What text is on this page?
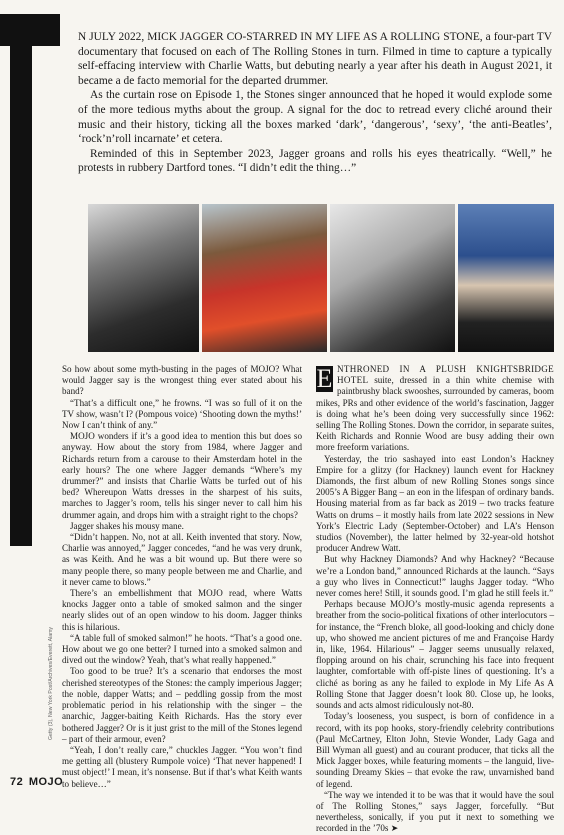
N JULY 2022, MICK JAGGER CO-STARRED IN MY LIFE AS A ROLLING STONE, a four-part TV documentary that focused on each of The Rolling Stones in turn. Filmed in time to capture a typically self-effacing interview with Charlie Watts, but debuting nearly a year after his death in August 2021, it became a de facto memorial for the departed drummer.

As the curtain rose on Episode 1, the Stones singer announced that he hoped it would explode some of the more tedious myths about the group. A signal for the doc to retread every cliché around their music and their history, ticking all the boxes marked ‘dark’, ‘dangerous’, ‘sexy’, ‘the anti-Beatles’, ‘rock’n’roll incarnate’ et cetera.

Reminded of this in September 2023, Jagger groans and rolls his eyes theatrically. “Well,” he protests in rubbery Dartford tones. “I didn’t edit the thing…”

Getty (3), New York Post/Archives/Everett, Alamy

So how about some myth-busting in the pages of MOJO? What would Jagger say is the wrongest thing ever stated about his band?

“That’s a difficult one,” he frowns. “I was so full of it on the TV show, wasn’t I? (Pompous voice) ‘Shooting down the myths!’ Now I can’t think of any.”

MOJO wonders if it’s a good idea to mention this but does so anyway. How about the story from 1984, where Jagger and Richards return from a carouse to their Amsterdam hotel in the early hours? The one where Jagger demands “Where’s my drummer?” and insists that Charlie Watts be turfed out of his bed? Whereupon Watts dresses in the sharpest of his suits, marches to Jagger’s room, tells his singer never to call him his drummer again, and drops him with a straight right to the chops?

Jagger shakes his mousy mane.

“Didn’t happen. No, not at all. Keith invented that story. Now, Charlie was annoyed,” Jagger concedes, “and he was very drunk, as was Keith. And he was a bit wound up. But there were so many people there, so many people between me and Charlie, and it never came to blows.”

There’s an embellishment that MOJO read, where Watts knocks Jagger onto a table of smoked salmon and the singer nearly slides out of an open window to his doom. Jagger thinks this is hilarious.

“A table full of smoked salmon!” he hoots. “That’s a good one. How about we go one better? I turned into a smoked salmon and dived out the window? Yeah, that’s what really happened.”

Too good to be true? It’s a scenario that endorses the most cherished stereotypes of the Stones: the camply imperious Jagger; the noble, dapper Watts; and – peddling gossip from the most problematic period in his relationship with the singer – the anarchic, Jagger-baiting Keith Richards. Has the story ever bothered Jagger? Or is it just grist to the mill of the Stones legend – part of their armour, even?

“Yeah, I don’t really care,” chuckles Jagger. “You won’t find me getting all (blustery Rumpole voice) ‘That never happened! I must object!’ I mean, it’s nonsense. But if that’s what Keith wants to believe…”

E NTHRONED IN A PLUSH KNIGHTSBRIDGE HOTEL suite, dressed in a thin white chemise with paintbrushy black swooshes, surrounded by cameras, boom mikes, PRs and other evidence of the world’s fascination, Jagger is doing what he’s been doing very successfully since 1962: selling The Rolling Stones. Down the corridor, in separate suites, Keith Richards and Ronnie Wood are busy adding their own more freeform variations.

Yesterday, the trio sashayed into east London’s Hackney Empire for a glitzy (for Hackney) launch event for Hackney Diamonds, the first album of new Rolling Stones songs since 2005’s A Bigger Bang – an eon in the lifespan of ordinary bands. Housing material from as far back as 2019 – two tracks feature Watts on drums – it mostly hails from late 2022 sessions in New York’s Electric Lady (September-October) and LA’s Henson studios (November), the latter helmed by 32-year-old hotshot producer Andrew Watt.

But why Hackney Diamonds? And why Hackney? “Because we’re a London band,” announced Richards at the launch. “Says a guy who lives in Connecticut!” laughs Jagger today. “Who never comes here! Still, it sounds good. I’m glad he still feels it.”

Perhaps because MOJO’s mostly-music agenda represents a breather from the socio-political fixations of other interlocutors – for instance, the “French bloke, all good-looking and chicly done up, who showed me ancient pictures of me and Françoise Hardy in, like, 1964. Hilarious” – Jagger seems unusually relaxed, flopping around on his chair, scrunching his face into frequent laughter, comfortable with off-piste lines of questioning. It’s a cliché as boring as any he failed to explode in My Life As A Rolling Stone that Jagger doesn’t look 80. Close up, he looks, sounds and acts almost ridiculously not-80.

Today’s looseness, you suspect, is born of confidence in a record, with its pop hooks, story-friendly celebrity contributions (Paul McCartney, Elton John, Stevie Wonder, Lady Gaga and Bill Wyman all guest) and au courant producer, that ticks all the Mick Jagger boxes, while featuring moments – the languid, live-sounding Dreamy Skies – that evoke the raw, unvarnished band of legend.

“The way we intended it to be was that it would have the soul of The Rolling Stones,” says Jagger, forcefully. “But nevertheless, sonically, if you put it next to something we recorded in the ’70s ➤

72 MOJO
